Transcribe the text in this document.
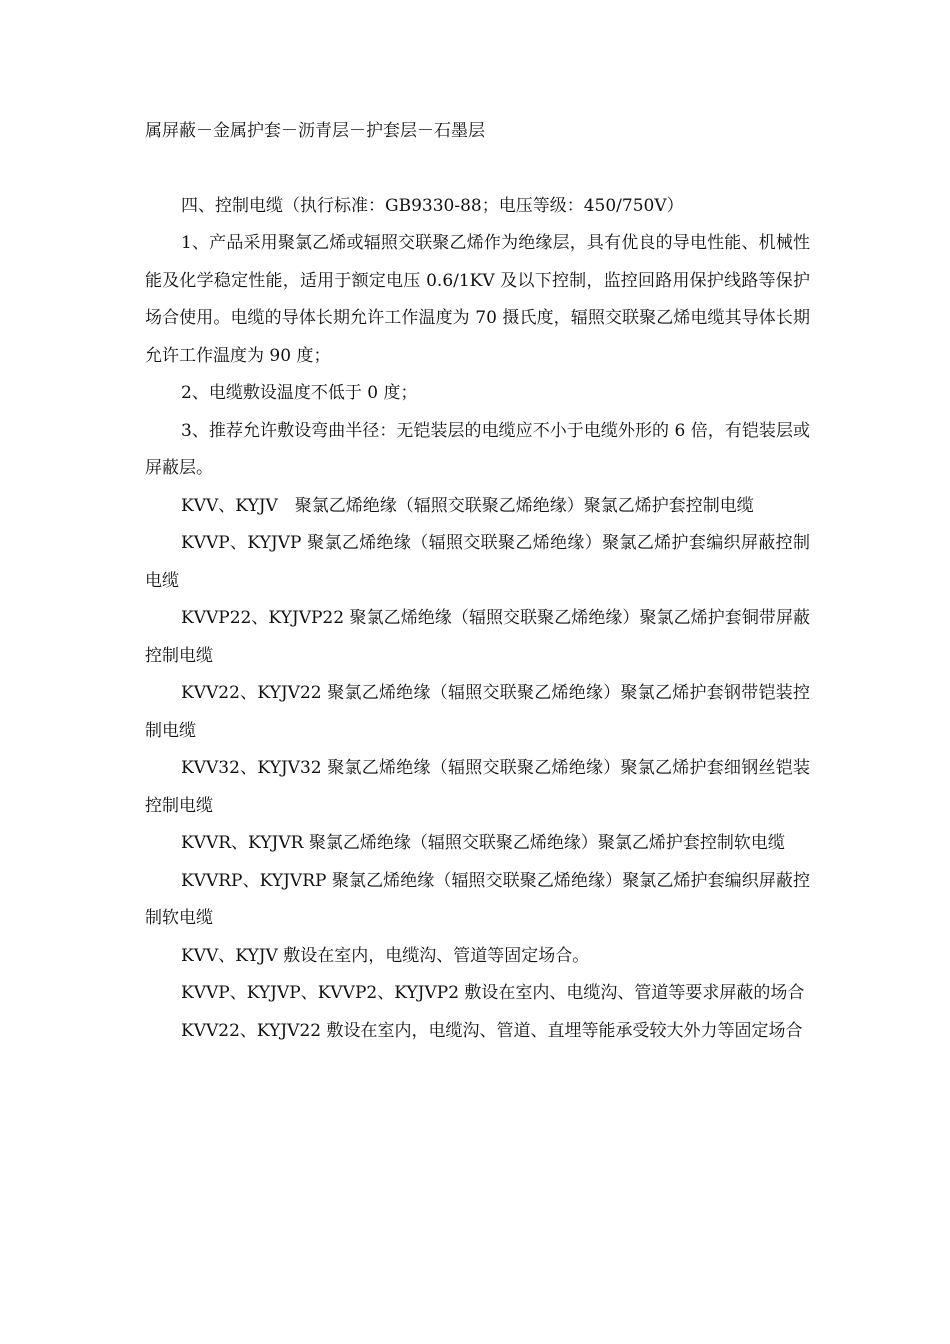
属屏蔽－金属护套－沥青层－护套层－石墨层

四、控制电缆（执行标准：GB9330-88；电压等级：450/750V）

1、产品采用聚氯乙烯或辐照交联聚乙烯作为绝缘层，具有优良的导电性能、机械性能及化学稳定性能，适用于额定电压 0.6/1KV 及以下控制，监控回路用保护线路等保护场合使用。电缆的导体长期允许工作温度为 70 摄氏度，辐照交联聚乙烯电缆其导体长期允许工作温度为 90 度；

2、电缆敷设温度不低于 0 度；

3、推荐允许敷设弯曲半径：无铠装层的电缆应不小于电缆外形的 6 倍，有铠装层或屏蔽层。

KVV、KYJV　聚氯乙烯绝缘（辐照交联聚乙烯绝缘）聚氯乙烯护套控制电缆

KVVP、KYJVP 聚氯乙烯绝缘（辐照交联聚乙烯绝缘）聚氯乙烯护套编织屏蔽控制电缆

KVVP22、KYJVP22 聚氯乙烯绝缘（辐照交联聚乙烯绝缘）聚氯乙烯护套铜带屏蔽控制电缆

KVV22、KYJV22 聚氯乙烯绝缘（辐照交联聚乙烯绝缘）聚氯乙烯护套钢带铠装控制电缆

KVV32、KYJV32 聚氯乙烯绝缘（辐照交联聚乙烯绝缘）聚氯乙烯护套细钢丝铠装控制电缆

KVVR、KYJVR 聚氯乙烯绝缘（辐照交联聚乙烯绝缘）聚氯乙烯护套控制软电缆

KVVRP、KYJVRP 聚氯乙烯绝缘（辐照交联聚乙烯绝缘）聚氯乙烯护套编织屏蔽控制软电缆

KVV、KYJV 敷设在室内，电缆沟、管道等固定场合。

KVVP、KYJVP、KVVP2、KYJVP2 敷设在室内、电缆沟、管道等要求屏蔽的场合

KVV22、KYJV22 敷设在室内，电缆沟、管道、直埋等能承受较大外力等固定场合
